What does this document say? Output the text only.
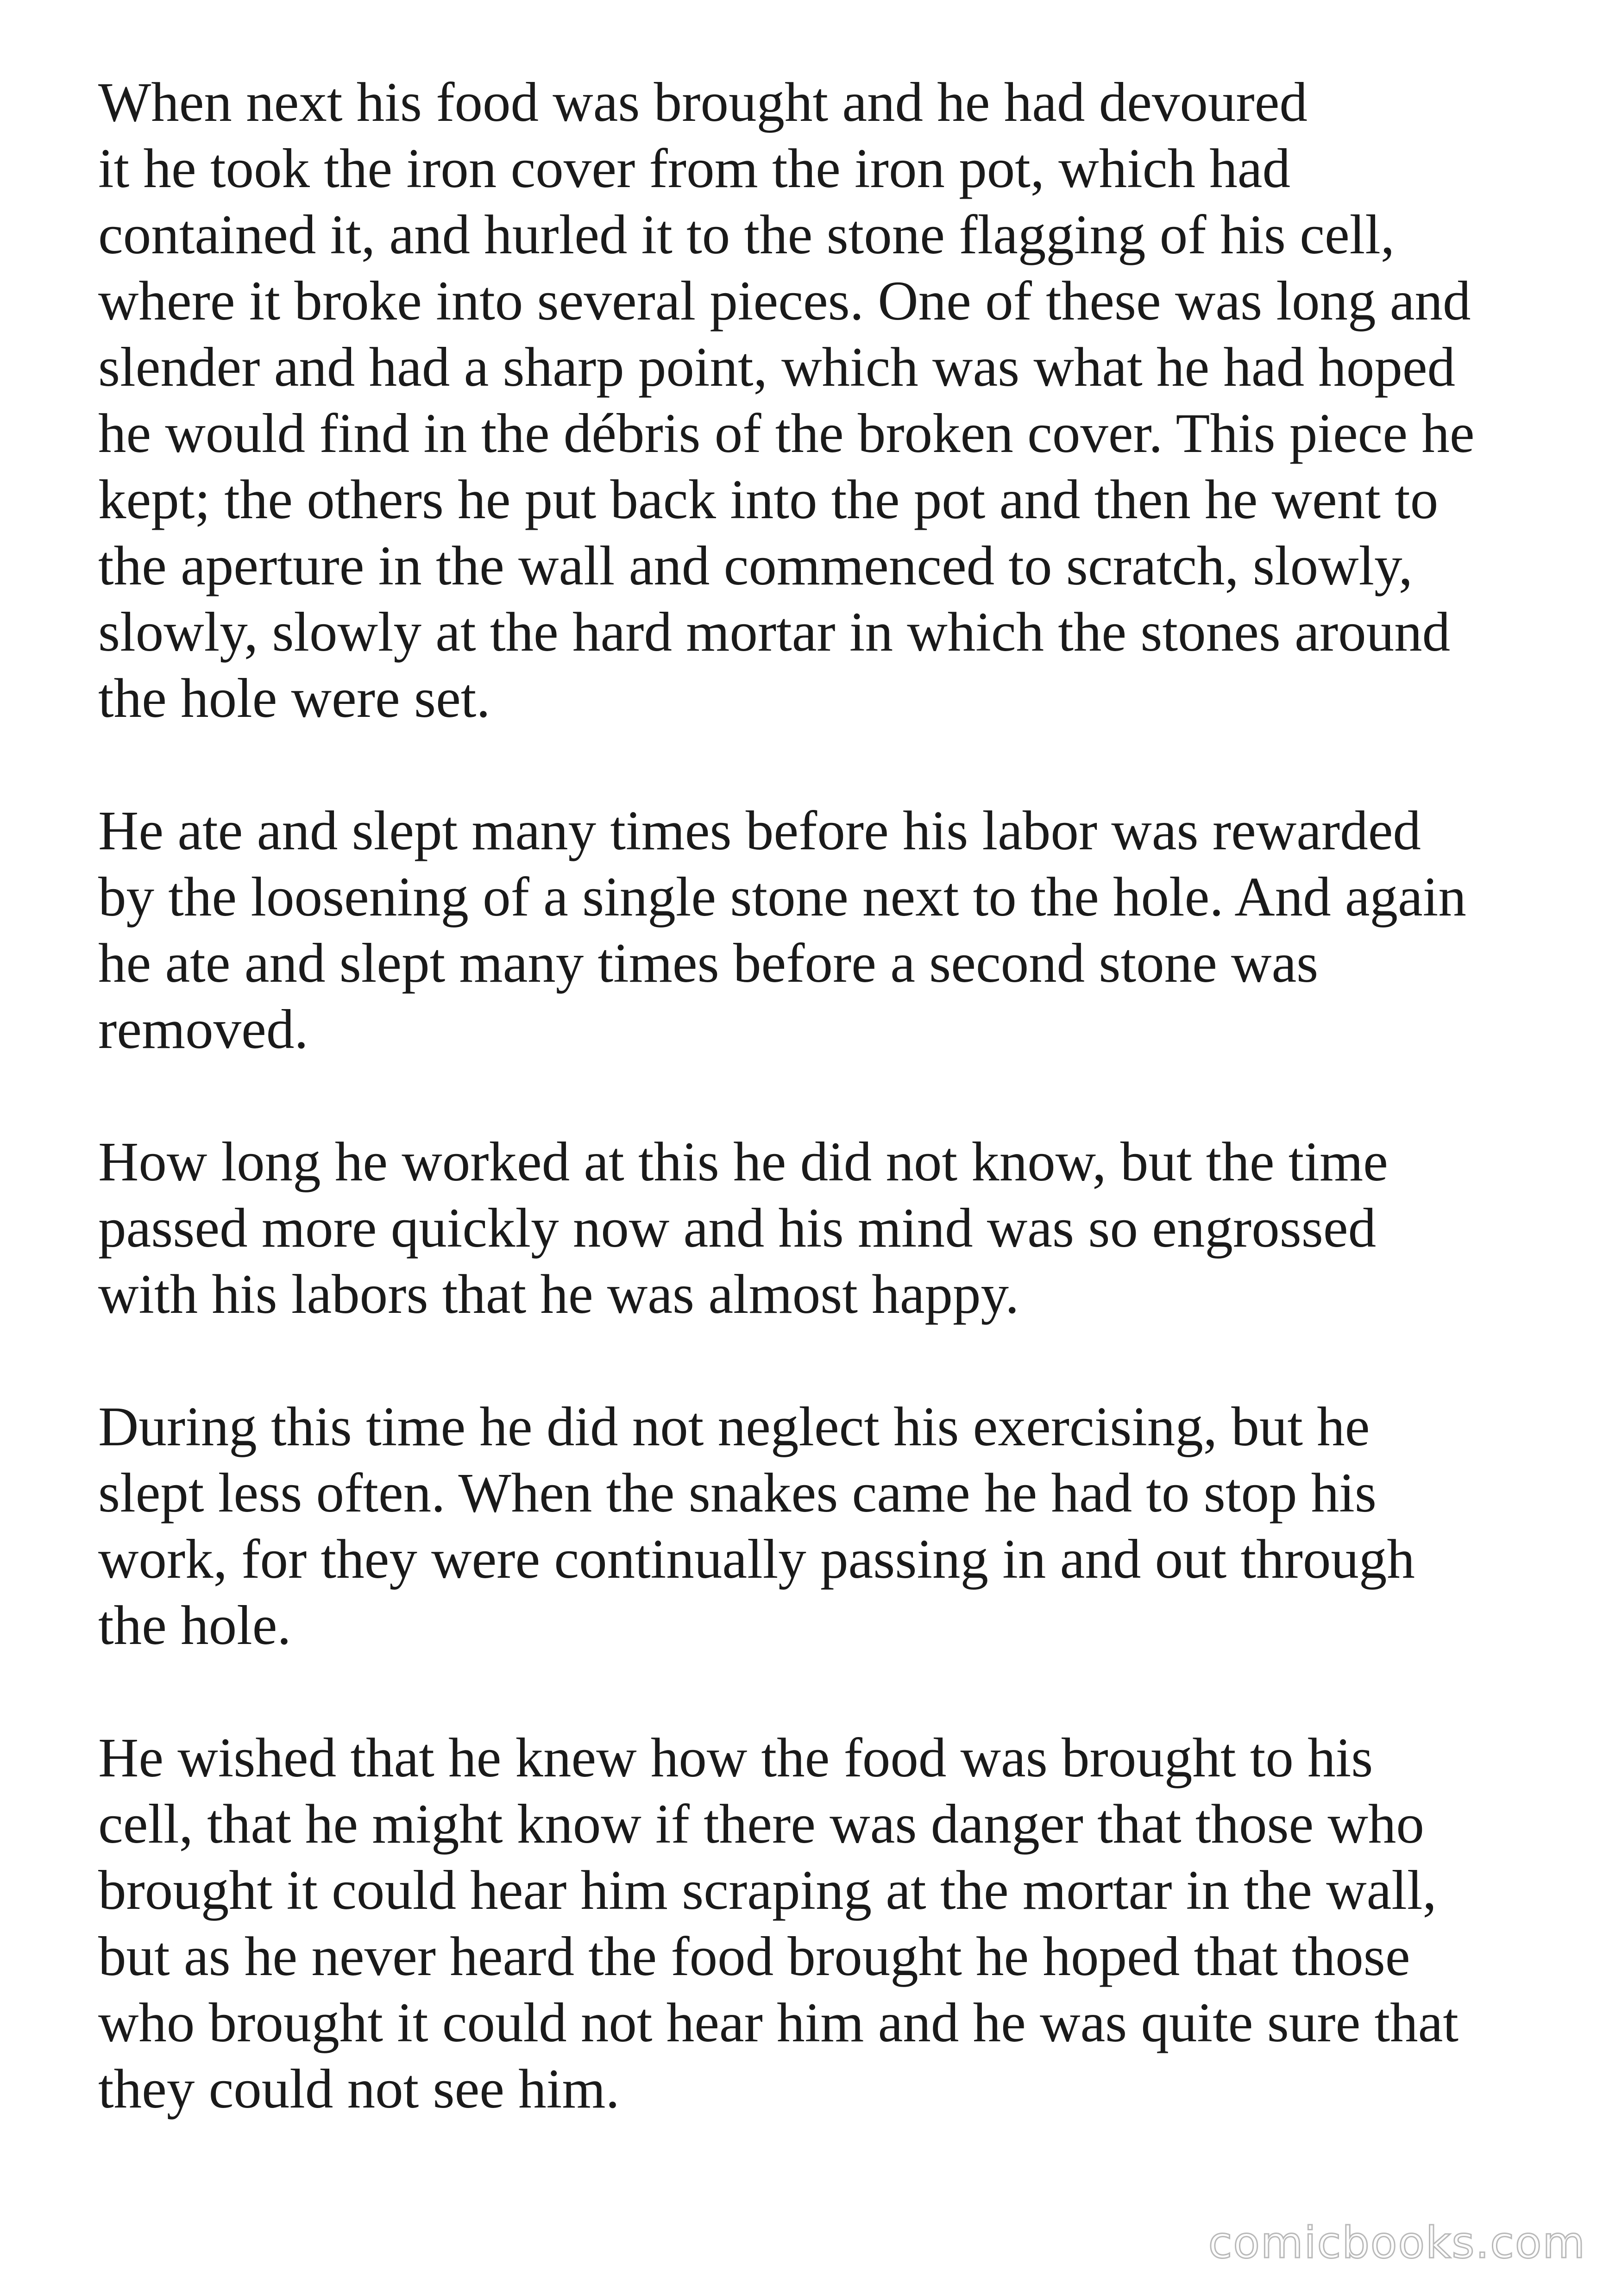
When next his food was brought and he had devoured
it he took the iron cover from the iron pot, which had
contained it, and hurled it to the stone flagging of his cell,
where it broke into several pieces. One of these was long and
slender and had a sharp point, which was what he had hoped
he would find in the débris of the broken cover. This piece he
kept; the others he put back into the pot and then he went to
the aperture in the wall and commenced to scratch, slowly,
slowly, slowly at the hard mortar in which the stones around
the hole were set.

He ate and slept many times before his labor was rewarded
by the loosening of a single stone next to the hole. And again
he ate and slept many times before a second stone was
removed.

How long he worked at this he did not know, but the time
passed more quickly now and his mind was so engrossed
with his labors that he was almost happy.

During this time he did not neglect his exercising, but he
slept less often. When the snakes came he had to stop his
work, for they were continually passing in and out through
the hole.

He wished that he knew how the food was brought to his
cell, that he might know if there was danger that those who
brought it could hear him scraping at the mortar in the wall,
but as he never heard the food brought he hoped that those
who brought it could not hear him and he was quite sure that
they could not see him.

comicbooks.com
